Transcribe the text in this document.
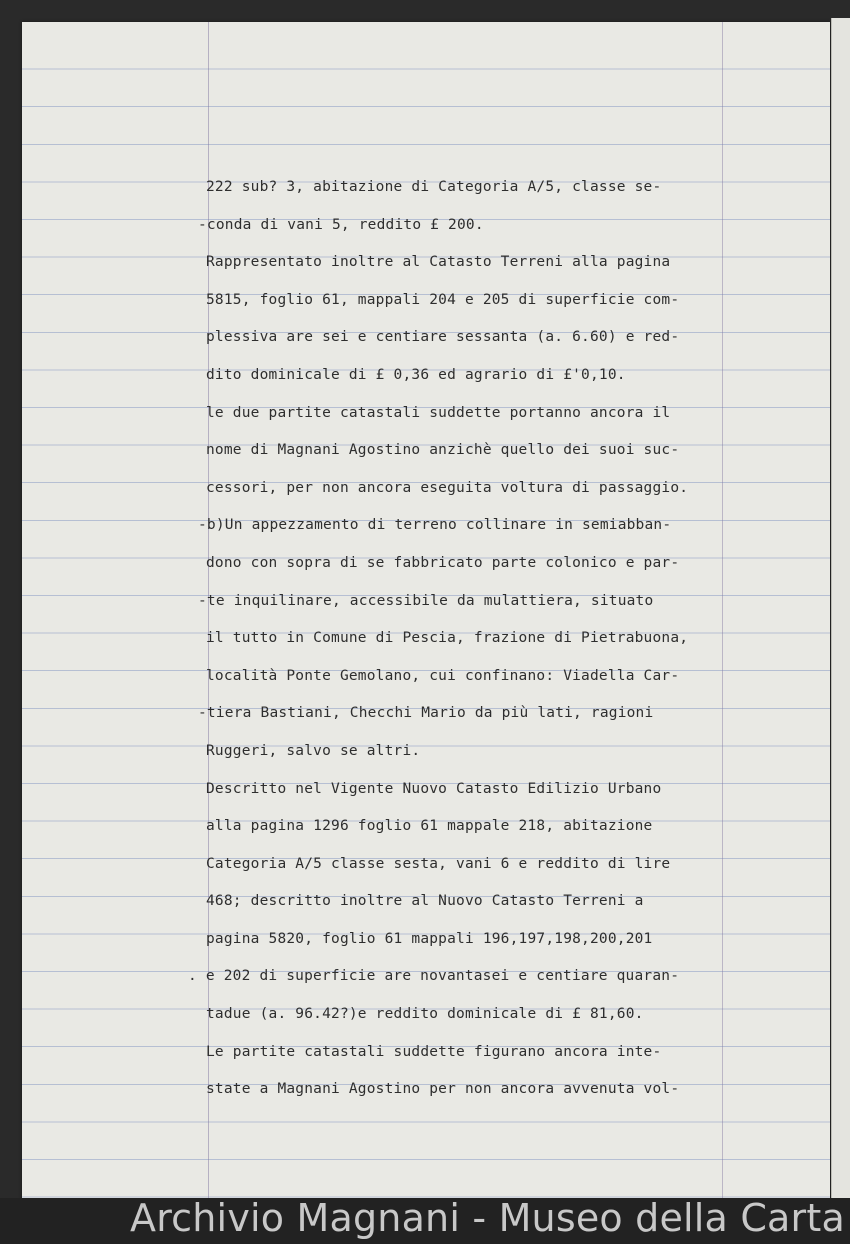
222 sub? 3, abitazione di Categoria A/5, classe se-
-conda di vani 5, reddito £ 200.
Rappresentato inoltre al Catasto Terreni alla pagina
5815, foglio 61, mappali 204 e 205 di superficie com-
plessiva are sei e centiare sessanta (a. 6.60) e red-
dito dominicale di £ 0,36 ed agrario di £'0,10.
le due partite catastali suddette portanno ancora il
nome di Magnani Agostino anzichè quello dei suoi suc-
cessori, per non ancora eseguita voltura di passaggio.
-b)Un appezzamento di terreno collinare in semiabban-
dono con sopra di se fabbricato parte colonico e par-
-te inquilinare, accessibile da mulattiera, situato
il tutto in Comune di Pescia, frazione di Pietrabuona,
località Ponte Gemolano, cui confinano: Viadella Car-
-tiera Bastiani, Checchi Mario da più lati, ragioni
Ruggeri, salvo se altri.
Descritto nel Vigente Nuovo Catasto Edilizio Urbano
alla pagina 1296 foglio 61 mappale 218, abitazione
Categoria A/5 classe sesta, vani 6 e reddito di lire
468; descritto inoltre al Nuovo Catasto Terreni a
pagina 5820, foglio 61 mappali 196,197,198,200,201
. e 202 di superficie are novantasei e centiare quaran-
tadue (a. 96.42?)e reddito dominicale di £ 81,60.
Le partite catastali suddette figurano ancora inte-
state a Magnani Agostino per non ancora avvenuta vol-
Archivio Magnani - Museo della Carta
